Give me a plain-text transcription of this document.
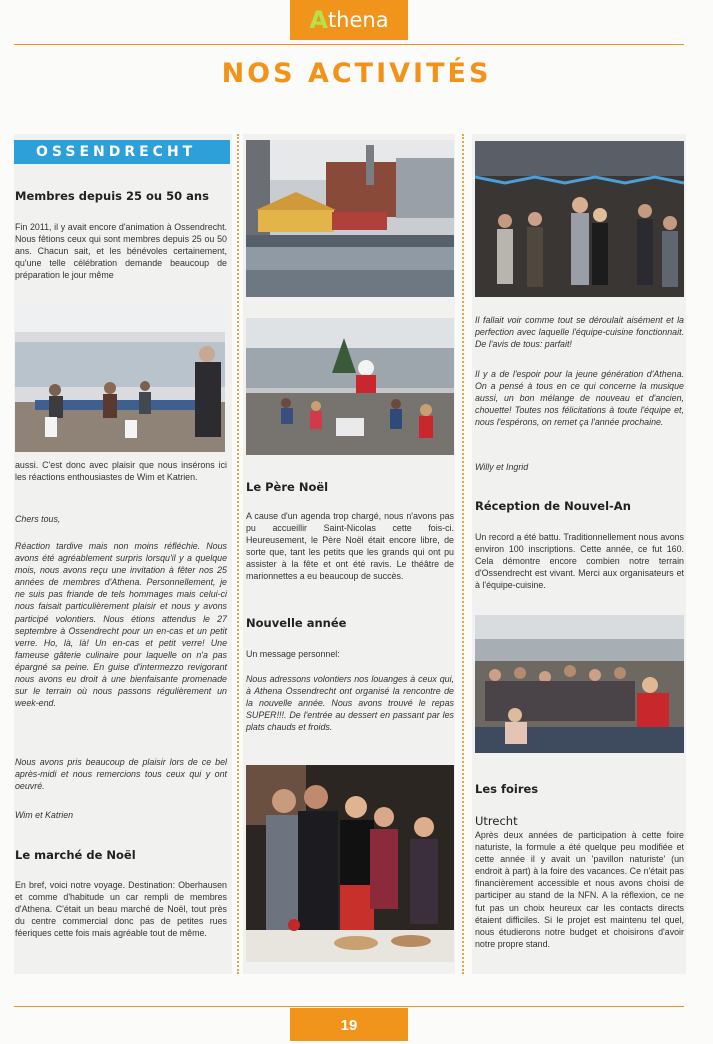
A thena
NOS ACTIVITÉS
OSSENDRECHT
Membres depuis 25 ou 50 ans
Fin 2011, il y avait encore d'animation à Ossendrecht. Nous fêtions ceux qui sont membres depuis 25 ou 50 ans. Chacun sait, et les bénévoles certainement, qu'une telle célébration demande beaucoup de préparation le jour même
aussi. C'est donc avec plaisir que nous insérons ici les réactions enthousiastes de Wim et Katrien.
Chers tous,
Réaction tardive mais non moins réfléchie. Nous avons été agréablement surpris lorsqu'il y a quelque mois, nous avons reçu une invitation à fêter nos 25 années de membres d'Athena. Personnellement, je ne suis pas friande de tels hommages mais celui-ci nous faisait particulièrement plaisir et nous y avons participé volontiers. Nous étions attendus le 27 septembre à Ossendrecht pour un en-cas et un petit verre. Ho, là, là! Un en-cas et petit verre! Une fameuse gâterie culinaire pour laquelle on n'a pas épargné sa peine. En guise d'intermezzo revigorant nous avons eu droit à une bienfaisante promenade sur le terrain où nous passons régulièrement un week-end.
Nous avons pris beaucoup de plaisir lors de ce bel après-midi et nous remercions tous ceux qui y ont oeuvré.
Wim et Katrien
Le marché de Noël
En bref, voici notre voyage. Destination: Oberhausen et comme d'habitude un car rempli de membres d'Athena. C'était un beau marché de Noël, tout près du centre commercial donc pas de petites rues féeriques cette fois mais agréable tout de même.
Le Père Noël
A cause d'un agenda trop chargé, nous n'avons pas pu accueillir Saint-Nicolas cette fois-ci. Heureusement, le Père Noël était encore libre, de sorte que, tant les petits que les grands qui ont pu assister à la fête et ont été ravis. Le théâtre de marionnettes a eu beaucoup de succès.
Nouvelle année
Un message personnel:
Nous adressons volontiers nos louanges à ceux qui, à Athena Ossendrecht ont organisé la rencontre de la nouvelle année. Nous avons trouvé le repas SUPER!!!. De l'entrée au dessert en passant par les plats chauds et froids.
Il fallait voir comme tout se déroulait aisément et la perfection avec laquelle l'équipe-cuisine fonctionnait. De l'avis de tous: parfait!
Il y a de l'espoir pour la jeune génération d'Athena. On a pensé à tous en ce qui concerne la musique aussi, un bon mélange de nouveau et d'ancien, chouette! Toutes nos félicitations à toute l'équipe et, nous l'espérons, on remet ça l'année prochaine.
Willy et Ingrid
Réception de Nouvel-An
Un record a été battu. Traditionnellement nous avons environ 100 inscriptions. Cette année, ce fut 160. Cela démontre encore combien notre terrain d'Ossendrecht est vivant. Merci aux organisateurs et à l'équipe-cuisine.
Les foires
Utrecht
Après deux années de participation à cette foire naturiste, la formule a été quelque peu modifiée et cette année il y avait un 'pavillon naturiste' (un endroit à part) à la foire des vacances. Ce n'était pas financièrement accessible et nous avons choisi de participer au stand de la NFN. A la réflexion, ce ne fut pas un choix heureux car les contacts directs étaient difficiles. Si le projet est maintenu tel quel, nous étudierons notre budget et choisirons d'avoir notre propre stand.
19
